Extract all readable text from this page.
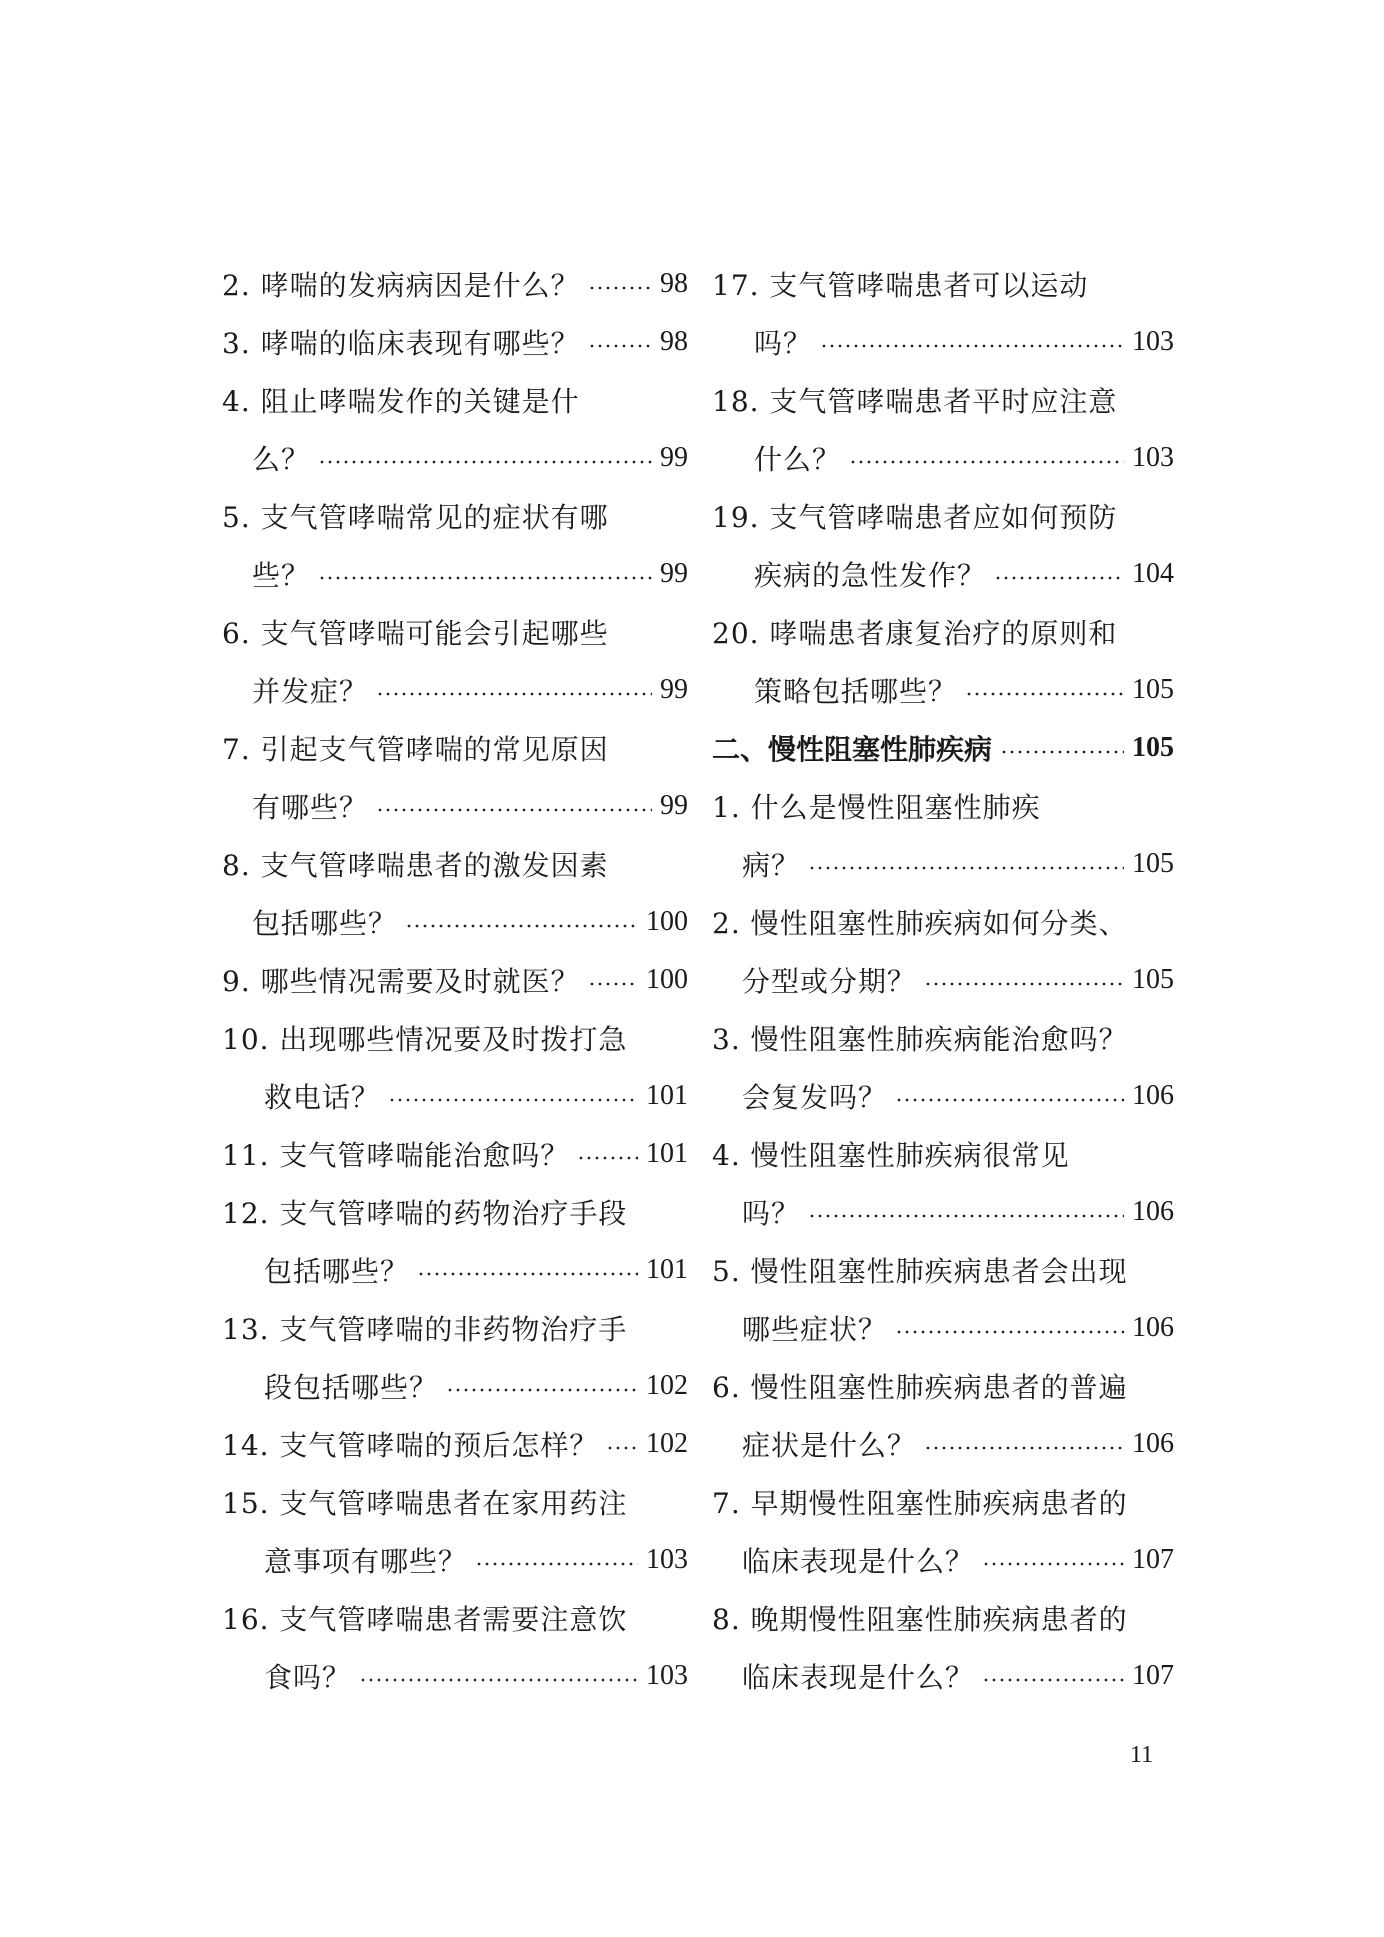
2. 哮喘的发病病因是什么？	98
3. 哮喘的临床表现有哪些？	98
4. 阻止哮喘发作的关键是什
么？	99
5. 支气管哮喘常见的症状有哪
些？	99
6. 支气管哮喘可能会引起哪些
并发症？	99
7. 引起支气管哮喘的常见原因
有哪些？	99
8. 支气管哮喘患者的激发因素
包括哪些？	100
9. 哪些情况需要及时就医？ 100
10. 出现哪些情况要及时拨打急
救电话？	101
11. 支气管哮喘能治愈吗？	101
12. 支气管哮喘的药物治疗手段
包括哪些？	101
13. 支气管哮喘的非药物治疗手
段包括哪些？	102
14. 支气管哮喘的预后怎样？ 102
15. 支气管哮喘患者在家用药注
意事项有哪些？	103
16. 支气管哮喘患者需要注意饮
食吗？	103
17. 支气管哮喘患者可以运动
吗？	103
18. 支气管哮喘患者平时应注意
什么？	103
19. 支气管哮喘患者应如何预防
疾病的急性发作？	104
20. 哮喘患者康复治疗的原则和
策略包括哪些？	105
二、慢性阻塞性肺疾病	105
1. 什么是慢性阻塞性肺疾
病？	105
2. 慢性阻塞性肺疾病如何分类、
分型或分期？	105
3. 慢性阻塞性肺疾病能治愈吗？
会复发吗？	106
4. 慢性阻塞性肺疾病很常见
吗？	106
5. 慢性阻塞性肺疾病患者会出现
哪些症状？	106
6. 慢性阻塞性肺疾病患者的普遍
症状是什么？	106
7. 早期慢性阻塞性肺疾病患者的
临床表现是什么？	107
8. 晚期慢性阻塞性肺疾病患者的
临床表现是什么？	107
11
